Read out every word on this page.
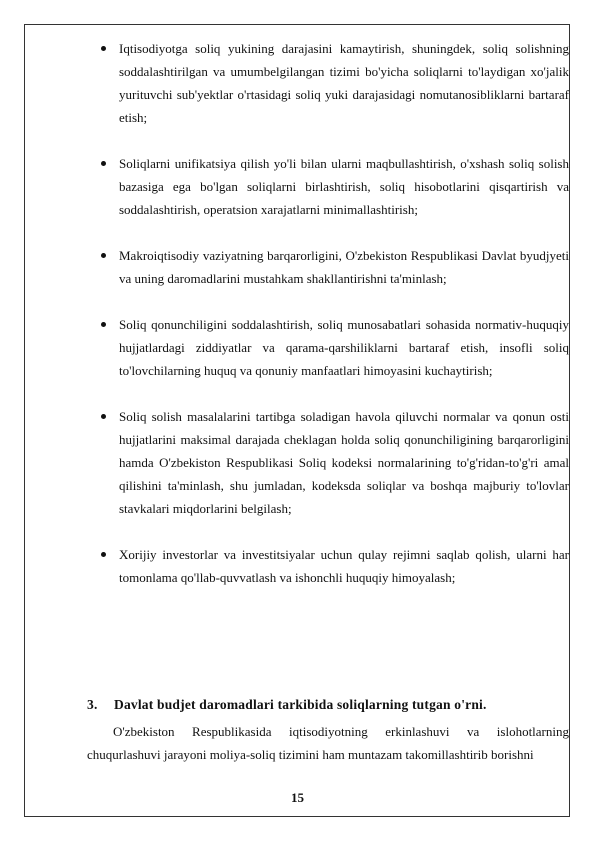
Iqtisodiyotga soliq yukining darajasini kamaytirish, shuningdek, soliq solishning soddalashtirilgan va umumbelgilangan tizimi bo'yicha soliqlarni to'laydigan xo'jalik yurituvchi sub'yektlar o'rtasidagi soliq yuki darajasidagi nomutanosibliklarni bartaraf etish;
Soliqlarni unifikatsiya qilish yo'li bilan ularni maqbullashtirish, o'xshash soliq solish bazasiga ega bo'lgan soliqlarni birlashtirish, soliq hisobotlarini qisqartirish va soddalashtirish, operatsion xarajatlarni minimallashtirish;
Makroiqtisodiy vaziyatning barqarorligini, O'zbekiston Respublikasi Davlat byudjyeti va uning daromadlarini mustahkam shakllantirishni ta'minlash;
Soliq qonunchiligini soddalashtirish, soliq munosabatlari sohasida normativ-huquqiy hujjatlardagi ziddiyatlar va qarama-qarshiliklarni bartaraf etish, insofli soliq to'lovchilarning huquq va qonuniy manfaatlari himoyasini kuchaytirish;
Soliq solish masalalarini tartibga soladigan havola qiluvchi normalar va qonun osti hujjatlarini maksimal darajada cheklagan holda soliq qonunchiligining barqarorligini hamda O'zbekiston Respublikasi Soliq kodeksi normalarining to'g'ridan-to'g'ri amal qilishini ta'minlash, shu jumladan, kodeksda soliqlar va boshqa majburiy to'lovlar stavkalari miqdorlarini belgilash;
Xorijiy investorlar va investitsiyalar uchun qulay rejimni saqlab qolish, ularni har tomonlama qo'llab-quvvatlash va ishonchli huquqiy himoyalash;
3. Davlat budjet daromadlari tarkibida soliqlarning tutgan o'rni.

O'zbekiston Respublikasida iqtisodiyotning erkinlashuvi va islohotlarning chuqurlashuvi jarayoni moliya-soliq tizimini ham muntazam takomillashtirib borishni

15
